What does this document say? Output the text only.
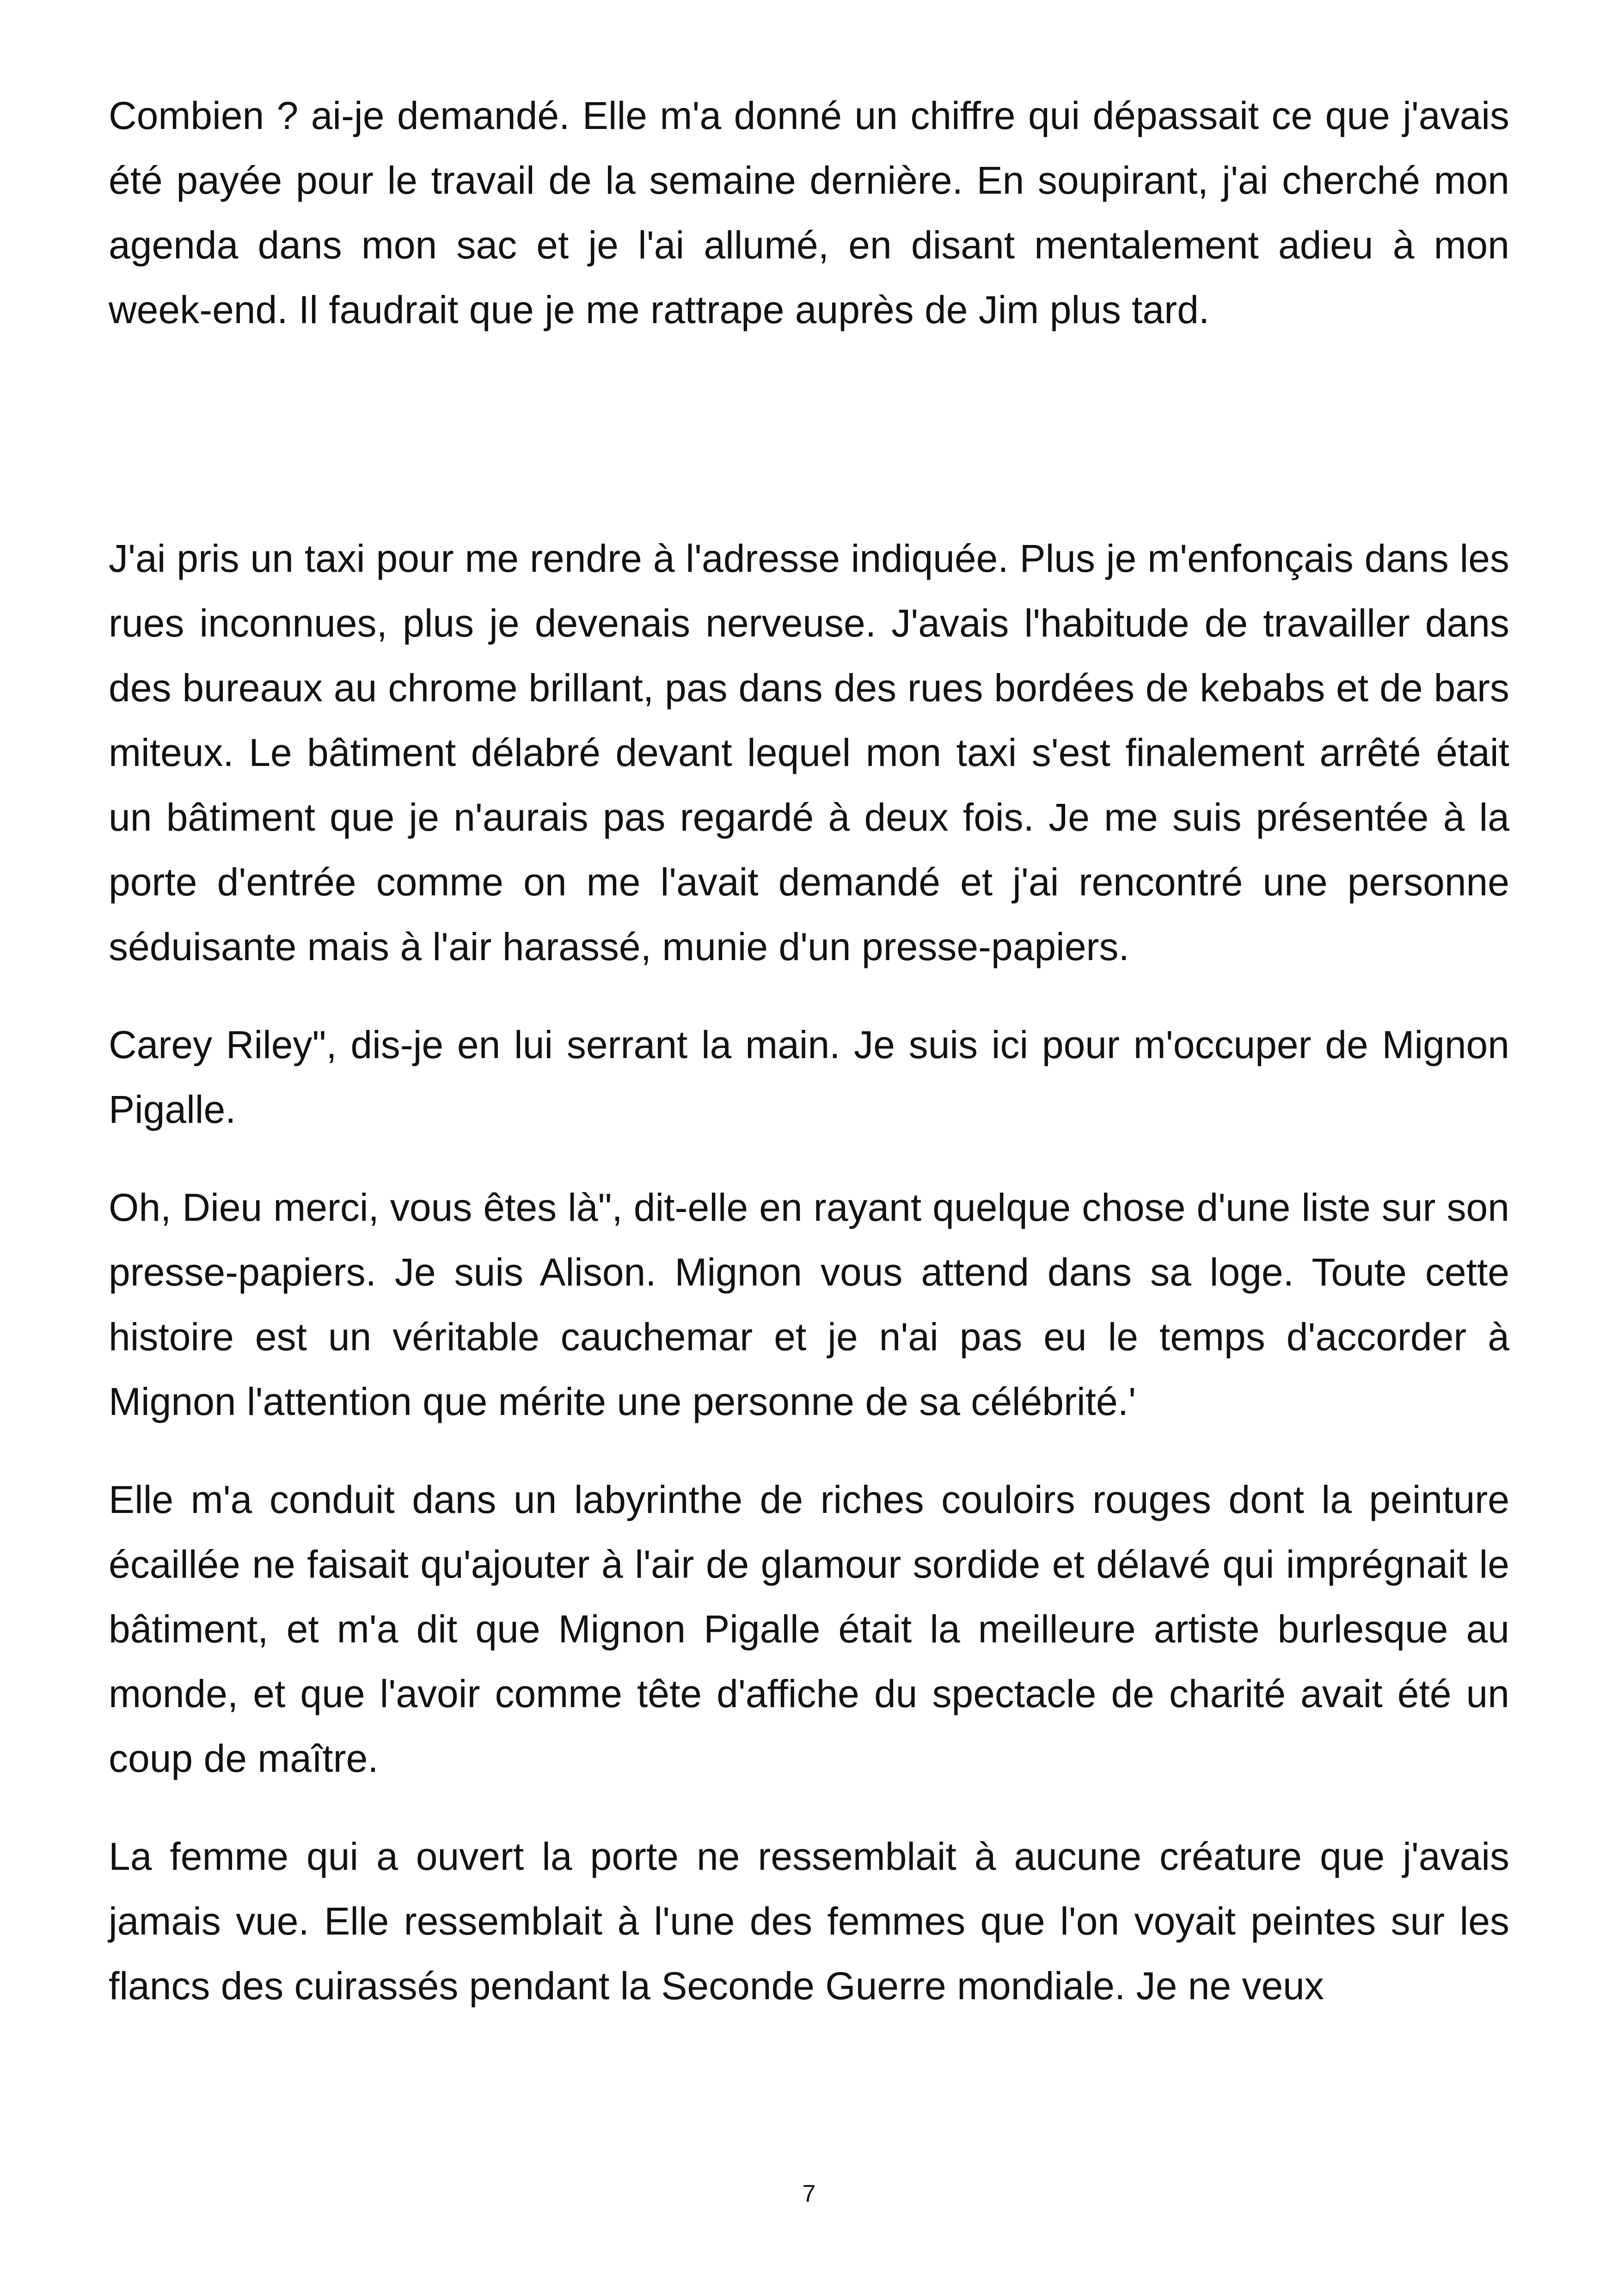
Combien ? ai-je demandé. Elle m'a donné un chiffre qui dépassait ce que j'avais été payée pour le travail de la semaine dernière. En soupirant, j'ai cherché mon agenda dans mon sac et je l'ai allumé, en disant mentalement adieu à mon week-end. Il faudrait que je me rattrape auprès de Jim plus tard.

J'ai pris un taxi pour me rendre à l'adresse indiquée. Plus je m'enfonçais dans les rues inconnues, plus je devenais nerveuse. J'avais l'habitude de travailler dans des bureaux au chrome brillant, pas dans des rues bordées de kebabs et de bars miteux. Le bâtiment délabré devant lequel mon taxi s'est finalement arrêté était un bâtiment que je n'aurais pas regardé à deux fois. Je me suis présentée à la porte d'entrée comme on me l'avait demandé et j'ai rencontré une personne séduisante mais à l'air harassé, munie d'un presse-papiers.

Carey Riley", dis-je en lui serrant la main. Je suis ici pour m'occuper de Mignon Pigalle.

Oh, Dieu merci, vous êtes là", dit-elle en rayant quelque chose d'une liste sur son presse-papiers. Je suis Alison. Mignon vous attend dans sa loge. Toute cette histoire est un véritable cauchemar et je n'ai pas eu le temps d'accorder à Mignon l'attention que mérite une personne de sa célébrité.'

Elle m'a conduit dans un labyrinthe de riches couloirs rouges dont la peinture écaillée ne faisait qu'ajouter à l'air de glamour sordide et délavé qui imprégnait le bâtiment, et m'a dit que Mignon Pigalle était la meilleure artiste burlesque au monde, et que l'avoir comme tête d'affiche du spectacle de charité avait été un coup de maître.

La femme qui a ouvert la porte ne ressemblait à aucune créature que j'avais jamais vue. Elle ressemblait à l'une des femmes que l'on voyait peintes sur les flancs des cuirassés pendant la Seconde Guerre mondiale. Je ne veux

7
